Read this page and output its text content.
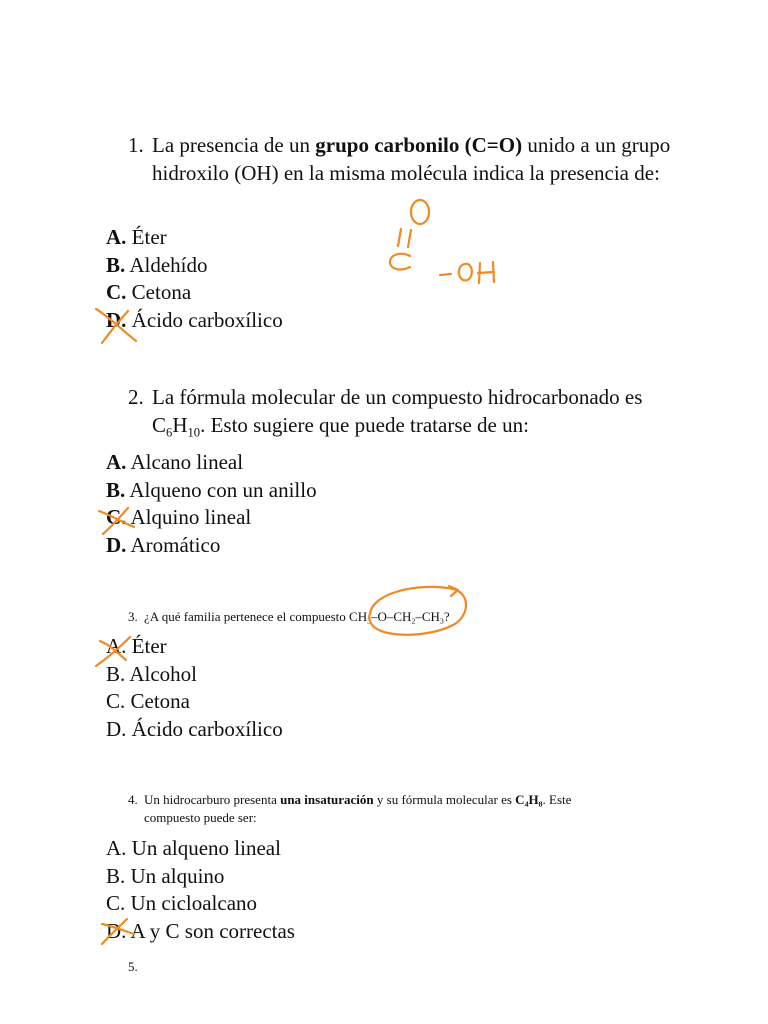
1. La presencia de un grupo carbonilo (C=O) unido a un grupo hidroxilo (OH) en la misma molécula indica la presencia de:
A. Éter
B. Aldehído
C. Cetona
D. Ácido carboxílico
2. La fórmula molecular de un compuesto hidrocarbonado es $C_6H_{10}$. Esto sugiere que puede tratarse de un:
A. Alcano lineal
B. Alqueno con un anillo
C. Alquino lineal
D. Aromático
3. ¿A qué familia pertenece el compuesto $CH_3-O-CH_2-CH_3$?
A. Éter
B. Alcohol
C. Cetona
D. Ácido carboxílico
4. Un hidrocarburo presenta una insaturación y su fórmula molecular es $C_4H_8$. Este compuesto puede ser:
A. Un alqueno lineal
B. Un alquino
C. Un cicloalcano
D. A y C son correctas
5.
